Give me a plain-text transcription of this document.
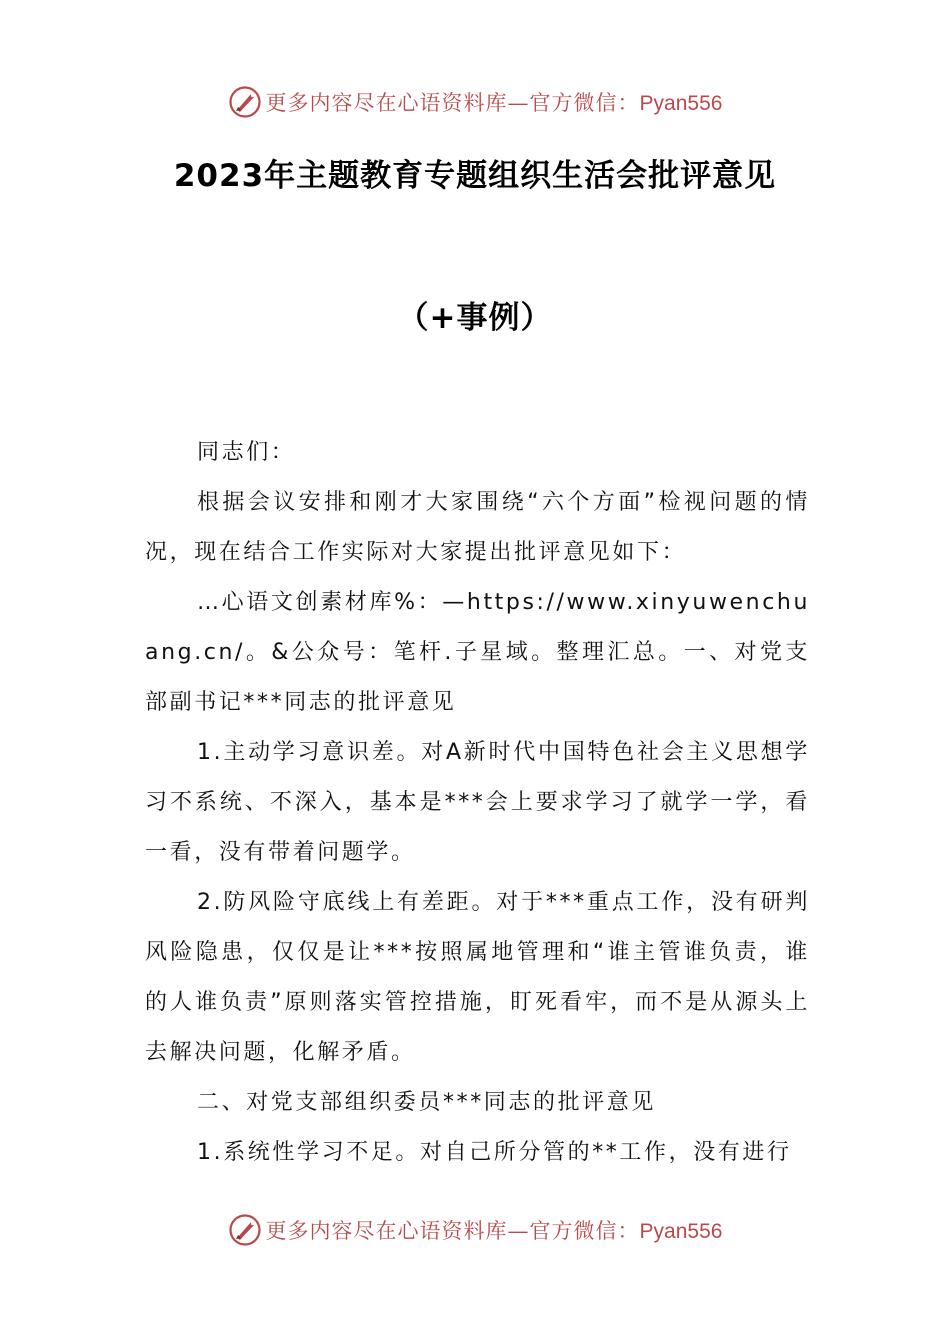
更多内容尽在心语资料库—官方微信：Pyan556
2023年主题教育专题组织生活会批评意见
（+事例）

同志们：

根据会议安排和刚才大家围绕“六个方面”检视问题的情况，现在结合工作实际对大家提出批评意见如下：

…心语文创素材库%：—https://www.xinyuwenchuang.cn/。&公众号：笔杆.子星域。整理汇总。一、对党支部副书记***同志的批评意见

1.主动学习意识差。对A新时代中国特色社会主义思想学习不系统、不深入，基本是***会上要求学习了就学一学，看一看，没有带着问题学。

2.防风险守底线上有差距。对于***重点工作，没有研判风险隐患，仅仅是让***按照属地管理和“谁主管谁负责，谁的人谁负责”原则落实管控措施，盯死看牢，而不是从源头上去解决问题，化解矛盾。

二、对党支部组织委员***同志的批评意见

1.系统性学习不足。对自己所分管的**工作，没有进行

更多内容尽在心语资料库—官方微信：Pyan556
